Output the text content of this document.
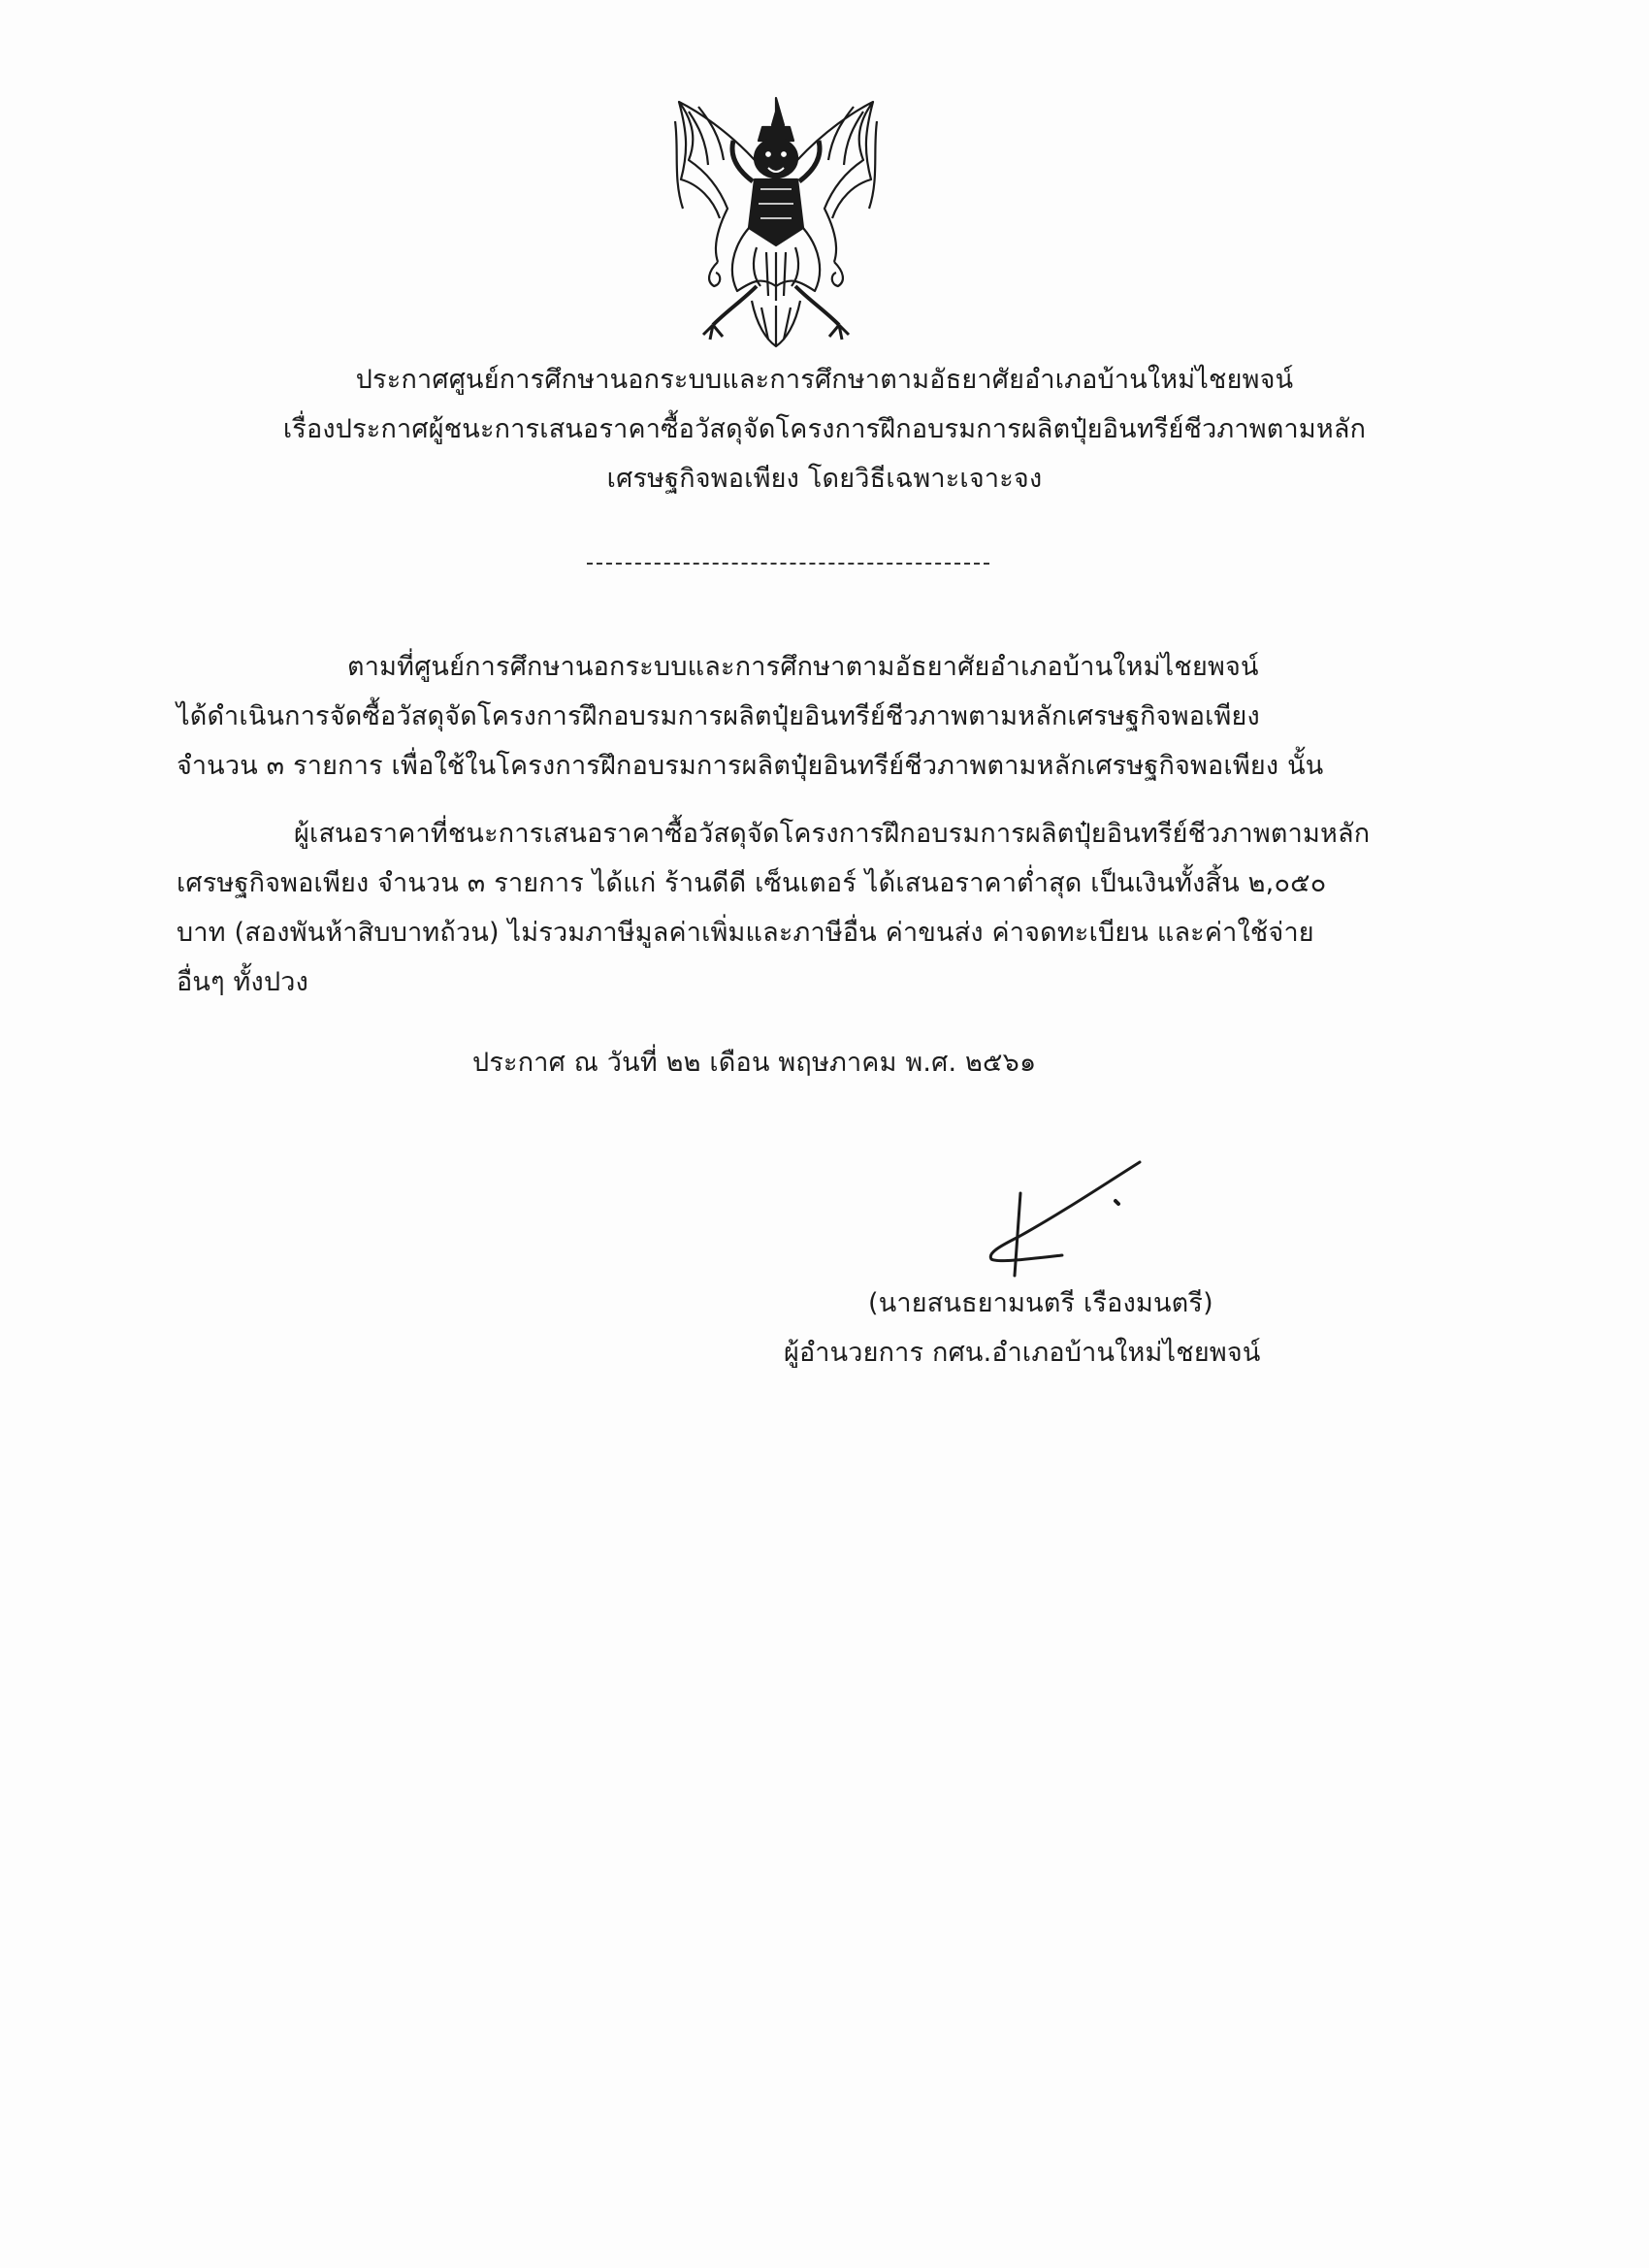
ประกาศศูนย์การศึกษานอกระบบและการศึกษาตามอัธยาศัยอำเภอบ้านใหม่ไชยพจน์
เรื่องประกาศผู้ชนะการเสนอราคาซื้อวัสดุจัดโครงการฝึกอบรมการผลิตปุ๋ยอินทรีย์ชีวภาพตามหลัก
เศรษฐกิจพอเพียง โดยวิธีเฉพาะเจาะจง
ตามที่ศูนย์การศึกษานอกระบบและการศึกษาตามอัธยาศัยอำเภอบ้านใหม่ไชยพจน์
ได้ดำเนินการจัดซื้อวัสดุจัดโครงการฝึกอบรมการผลิตปุ๋ยอินทรีย์ชีวภาพตามหลักเศรษฐกิจพอเพียง
จำนวน ๓ รายการ เพื่อใช้ในโครงการฝึกอบรมการผลิตปุ๋ยอินทรีย์ชีวภาพตามหลักเศรษฐกิจพอเพียง นั้น
ผู้เสนอราคาที่ชนะการเสนอราคาซื้อวัสดุจัดโครงการฝึกอบรมการผลิตปุ๋ยอินทรีย์ชีวภาพตามหลัก
เศรษฐกิจพอเพียง จำนวน ๓ รายการ ได้แก่ ร้านดีดี เซ็นเตอร์ ได้เสนอราคาต่ำสุด เป็นเงินทั้งสิ้น ๒,๐๕๐
บาท (สองพันห้าสิบบาทถ้วน) ไม่รวมภาษีมูลค่าเพิ่มและภาษีอื่น ค่าขนส่ง ค่าจดทะเบียน และค่าใช้จ่าย
อื่นๆ ทั้งปวง
ประกาศ ณ วันที่ ๒๒ เดือน พฤษภาคม พ.ศ. ๒๕๖๑
(นายสนธยามนตรี เรืองมนตรี)
ผู้อำนวยการ กศน.อำเภอบ้านใหม่ไชยพจน์
